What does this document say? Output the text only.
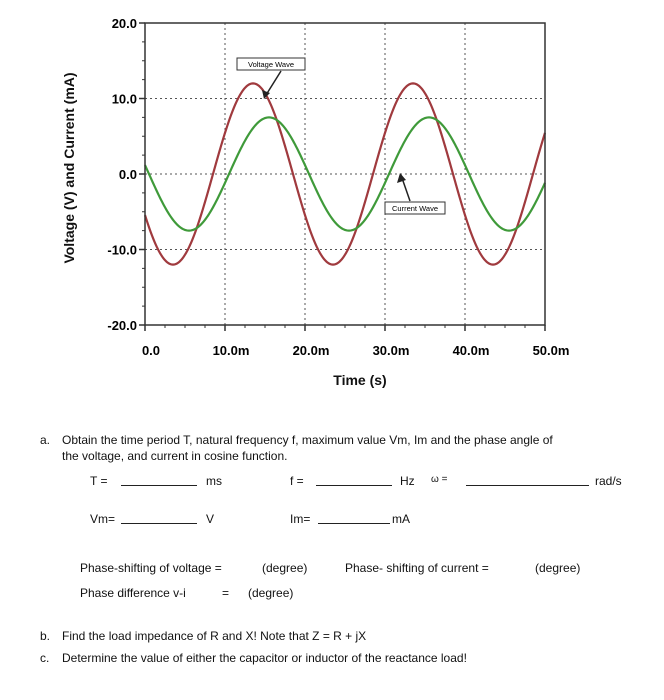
20.0
10.0
0.0
-10.0
-20.0
0.0	10.0m	20.0m	30.0m	40.0m	50.0m
Voltage Wave
Current Wave
Voltage (V) and Current (mA)
Time (s)
a. Obtain the time period T, natural frequency f, maximum value Vm, Im and the phase angle of
the voltage, and current in cosine function.
T =	ms	f =	Hz ω =	rad/s
Vm=	V	Im=	mA
Phase-shifting of voltage =	(degree)	Phase- shifting of current =	(degree)
Phase difference v-i	= (degree)
b. Find the load impedance of R and X! Note that Z = R + jX
c. Determine the value of either the capacitor or inductor of the reactance load!
